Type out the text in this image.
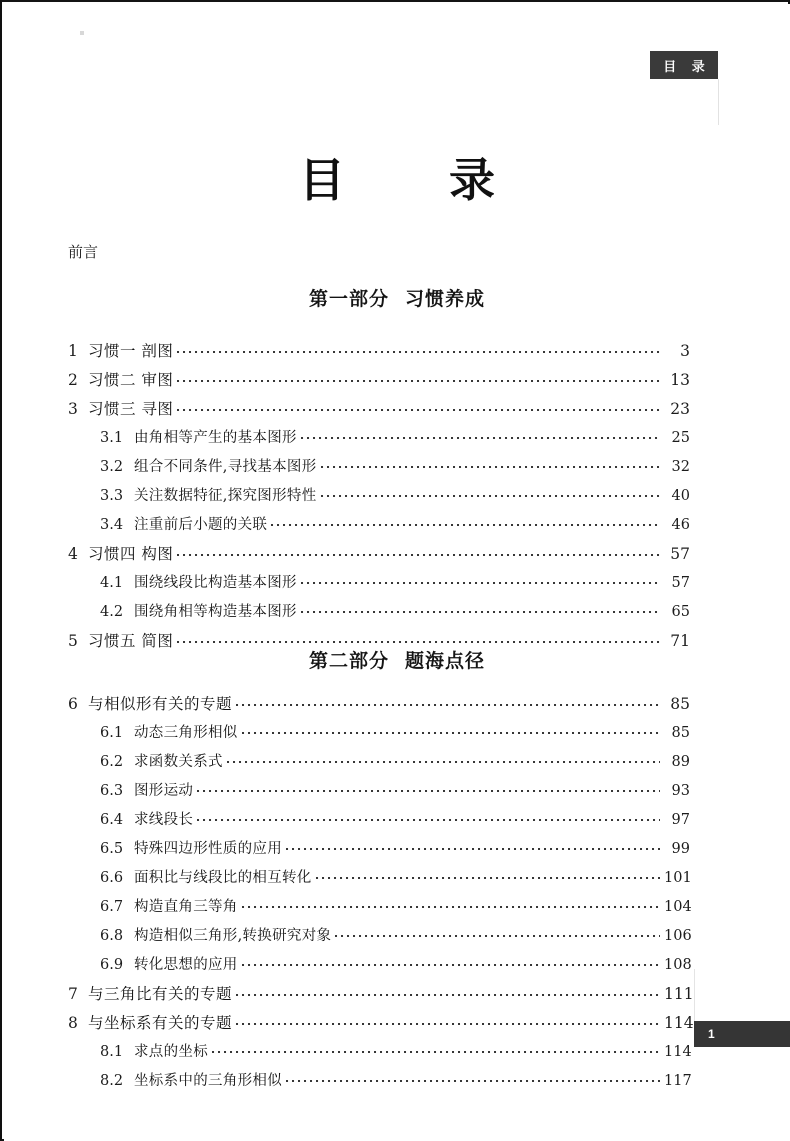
目 录
目 录
前言
第一部分 习惯养成
1 习惯一 剖图	3
2 习惯二 审图	13
3 习惯三 寻图	23
3.1 由角相等产生的基本图形	25
3.2 组合不同条件,寻找基本图形	32
3.3 关注数据特征,探究图形特性	40
3.4 注重前后小题的关联	46
4 习惯四 构图	57
4.1 围绕线段比构造基本图形	57
4.2 围绕角相等构造基本图形	65
5 习惯五 简图	71
第二部分 题海点径
6 与相似形有关的专题	85
6.1 动态三角形相似	85
6.2 求函数关系式	89
6.3 图形运动	93
6.4 求线段长	97
6.5 特殊四边形性质的应用	99
6.6 面积比与线段比的相互转化	101
6.7 构造直角三等角	104
6.8 构造相似三角形,转换研究对象	106
6.9 转化思想的应用	108
7 与三角比有关的专题	111
8 与坐标系有关的专题	114
8.1 求点的坐标	114
8.2 坐标系中的三角形相似	117
1
